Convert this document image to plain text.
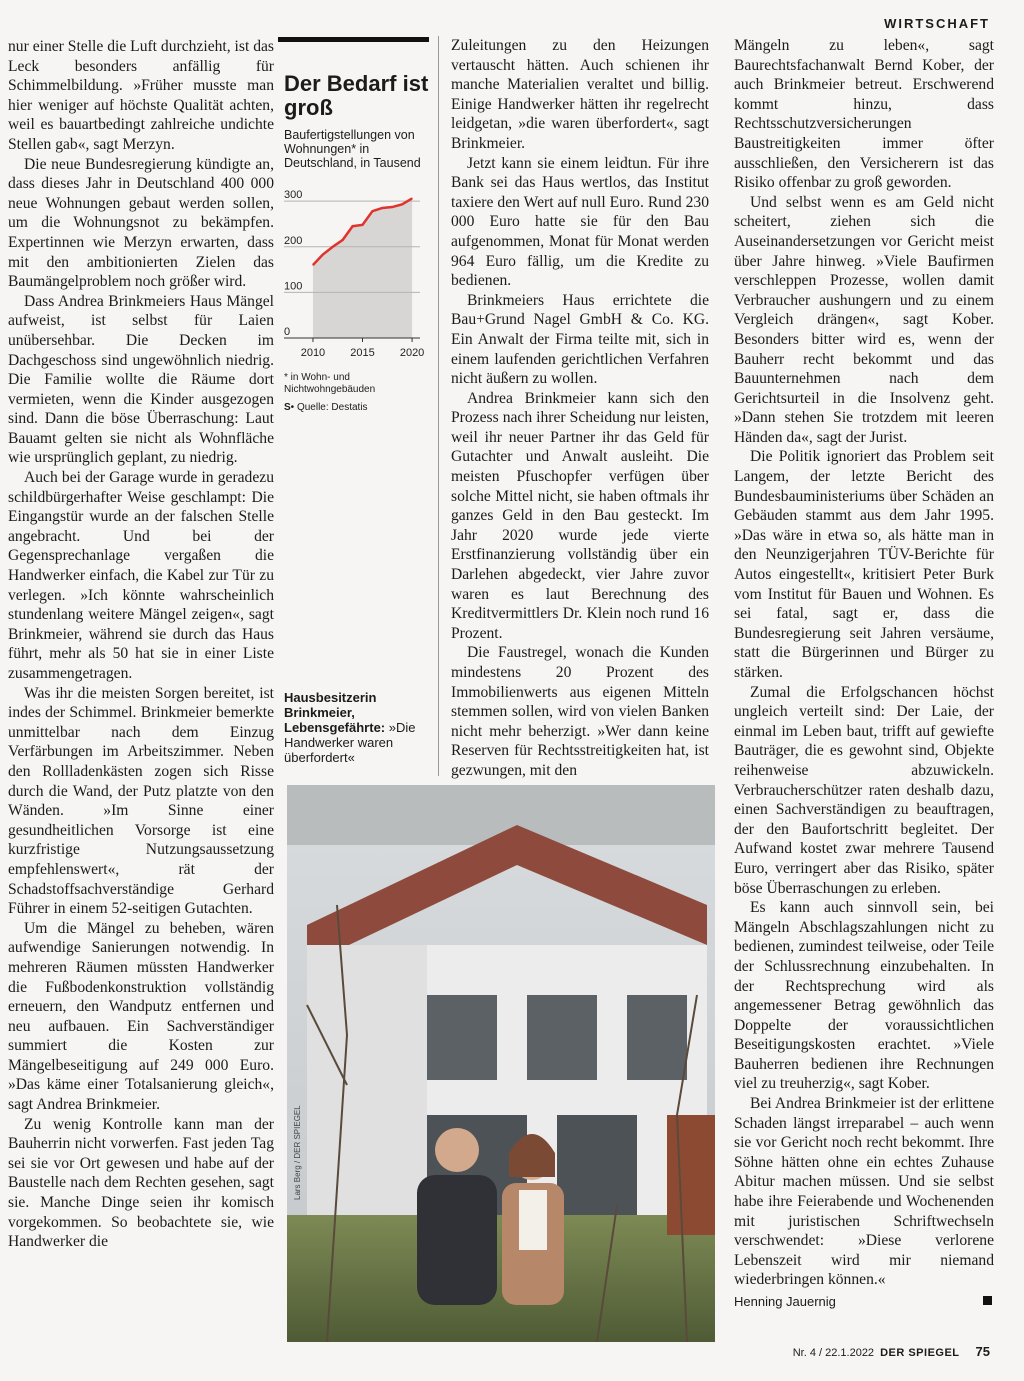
WIRTSCHAFT

nur einer Stelle die Luft durchzieht, ist das Leck besonders anfällig für Schimmelbildung. »Früher musste man hier weniger auf höchste Qualität achten, weil es bauartbedingt zahlreiche undichte Stellen gab«, sagt Merzyn.

Die neue Bundesregierung kündigte an, dass dieses Jahr in Deutschland 400 000 neue Wohnungen gebaut werden sollen, um die Wohnungsnot zu bekämpfen. Expertinnen wie Merzyn erwarten, dass mit den ambitionierten Zielen das Baumängelproblem noch größer wird.

Dass Andrea Brinkmeiers Haus Mängel aufweist, ist selbst für Laien unübersehbar. Die Decken im Dachgeschoss sind ungewöhnlich niedrig. Die Familie wollte die Räume dort vermieten, wenn die Kinder ausgezogen sind. Dann die böse Überraschung: Laut Bauamt gelten sie nicht als Wohnfläche wie ursprünglich geplant, zu niedrig.

Auch bei der Garage wurde in geradezu schildbürgerhafter Weise geschlampt: Die Eingangstür wurde an der falschen Stelle angebracht. Und bei der Gegensprechanlage vergaßen die Handwerker einfach, die Kabel zur Tür zu verlegen. »Ich könnte wahrscheinlich stundenlang weitere Mängel zeigen«, sagt Brinkmeier, während sie durch das Haus führt, mehr als 50 hat sie in einer Liste zusammengetragen.

Was ihr die meisten Sorgen bereitet, ist indes der Schimmel. Brinkmeier bemerkte unmittelbar nach dem Einzug Verfärbungen im Arbeitszimmer. Neben den Rollladenkästen zogen sich Risse durch die Wand, der Putz platzte von den Wänden. »Im Sinne einer gesundheitlichen Vorsorge ist eine kurzfristige Nutzungsaussetzung empfehlenswert«, rät der Schadstoffsachverständige Gerhard Führer in einem 52-seitigen Gutachten.

Um die Mängel zu beheben, wären aufwendige Sanierungen notwendig. In mehreren Räumen müssten Handwerker die Fußbodenkonstruktion vollständig erneuern, den Wandputz entfernen und neu aufbauen. Ein Sachverständiger summiert die Kosten zur Mängelbeseitigung auf 249 000 Euro. »Das käme einer Totalsanierung gleich«, sagt Andrea Brinkmeier.

Zu wenig Kontrolle kann man der Bauherrin nicht vorwerfen. Fast jeden Tag sei sie vor Ort gewesen und habe auf der Baustelle nach dem Rechten gesehen, sagt sie. Manche Dinge seien ihr komisch vorgekommen. So beobachtete sie, wie Handwerker die

Der Bedarf ist groß
Baufertigstellungen von Wohnungen* in Deutschland, in Tausend
0
100
200
300
2010 2015 2020
* in Wohn- und Nichtwohngebäuden
S• Quelle: Destatis
Hausbesitzerin Brinkmeier, Lebensgefährte: »Die Handwerker waren überfordert«

Zuleitungen zu den Heizungen vertauscht hätten. Auch schienen ihr manche Materialien veraltet und billig. Einige Handwerker hätten ihr regelrecht leidgetan, »die waren überfordert«, sagt Brinkmeier.

Jetzt kann sie einem leidtun. Für ihre Bank sei das Haus wertlos, das Institut taxiere den Wert auf null Euro. Rund 230 000 Euro hatte sie für den Bau aufgenommen, Monat für Monat werden 964 Euro fällig, um die Kredite zu bedienen.

Brinkmeiers Haus errichtete die Bau+Grund Nagel GmbH & Co. KG. Ein Anwalt der Firma teilte mit, sich in einem laufenden gerichtlichen Verfahren nicht äußern zu wollen.

Andrea Brinkmeier kann sich den Prozess nach ihrer Scheidung nur leisten, weil ihr neuer Partner ihr das Geld für Gutachter und Anwalt ausleiht. Die meisten Pfuschopfer verfügen über solche Mittel nicht, sie haben oftmals ihr ganzes Geld in den Bau gesteckt. Im Jahr 2020 wurde jede vierte Erstfinanzierung vollständig über ein Darlehen abgedeckt, vier Jahre zuvor waren es laut Berechnung des Kreditvermittlers Dr. Klein noch rund 16 Prozent.

Die Faustregel, wonach die Kunden mindestens 20 Prozent des Immobilienwerts aus eigenen Mitteln stemmen sollen, wird von vielen Banken nicht mehr beherzigt. »Wer dann keine Reserven für Rechtsstreitigkeiten hat, ist gezwungen, mit den

Mängeln zu leben«, sagt Baurechtsfachanwalt Bernd Kober, der auch Brinkmeier betreut. Erschwerend kommt hinzu, dass Rechtsschutzversicherungen Baustreitigkeiten immer öfter ausschließen, den Versicherern ist das Risiko offenbar zu groß geworden.

Und selbst wenn es am Geld nicht scheitert, ziehen sich die Auseinandersetzungen vor Gericht meist über Jahre hinweg. »Viele Baufirmen verschleppen Prozesse, wollen damit Verbraucher aushungern und zu einem Vergleich drängen«, sagt Kober. Besonders bitter wird es, wenn der Bauherr recht bekommt und das Bauunternehmen nach dem Gerichtsurteil in die Insolvenz geht. »Dann stehen Sie trotzdem mit leeren Händen da«, sagt der Jurist.

Die Politik ignoriert das Problem seit Langem, der letzte Bericht des Bundesbauministeriums über Schäden an Gebäuden stammt aus dem Jahr 1995. »Das wäre in etwa so, als hätte man in den Neunzigerjahren TÜV-Berichte für Autos eingestellt«, kritisiert Peter Burk vom Institut für Bauen und Wohnen. Es sei fatal, sagt er, dass die Bundesregierung seit Jahren versäume, statt die Bürgerinnen und Bürger zu stärken.

Zumal die Erfolgschancen höchst ungleich verteilt sind: Der Laie, der einmal im Leben baut, trifft auf gewiefte Bauträger, die es gewohnt sind, Objekte reihenweise abzuwickeln. Verbraucherschützer raten deshalb dazu, einen Sachverständigen zu beauftragen, der den Baufortschritt begleitet. Der Aufwand kostet zwar mehrere Tausend Euro, verringert aber das Risiko, später böse Überraschungen zu erleben.

Es kann auch sinnvoll sein, bei Mängeln Abschlagszahlungen nicht zu bedienen, zumindest teilweise, oder Teile der Schlussrechnung einzubehalten. In der Rechtsprechung wird als angemessener Betrag gewöhnlich das Doppelte der voraussichtlichen Beseitigungskosten erachtet. »Viele Bauherren bedienen ihre Rechnungen viel zu treuherzig«, sagt Kober.

Bei Andrea Brinkmeier ist der erlittene Schaden längst irreparabel – auch wenn sie vor Gericht noch recht bekommt. Ihre Söhne hätten ohne ein echtes Zuhause Abitur machen müssen. Und sie selbst habe ihre Feierabende und Wochenenden mit juristischen Schriftwechseln verschwendet: »Diese verlorene Lebenszeit wird mir niemand wiederbringen können.«

Henning Jauernig
Lars Berg / DER SPIEGEL
Nr. 4 / 22.1.2022 DER SPIEGEL 75
